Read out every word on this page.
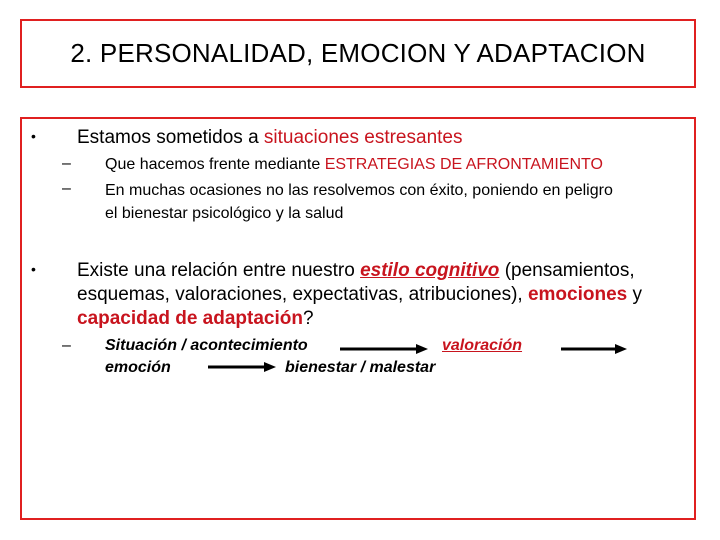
2. PERSONALIDAD, EMOCION Y ADAPTACION
• Estamos sometidos a situaciones estresantes
– Que hacemos frente mediante ESTRATEGIAS DE AFRONTAMIENTO
– En muchas ocasiones no las resolvemos con éxito, poniendo en peligro
el bienestar psicológico y la salud
• Existe una relación entre nuestro estilo cognitivo (pensamientos,
esquemas, valoraciones, expectativas, atribuciones), emociones y
capacidad de adaptación?
– Situación / acontecimiento	valoración
emoción	bienestar / malestar
